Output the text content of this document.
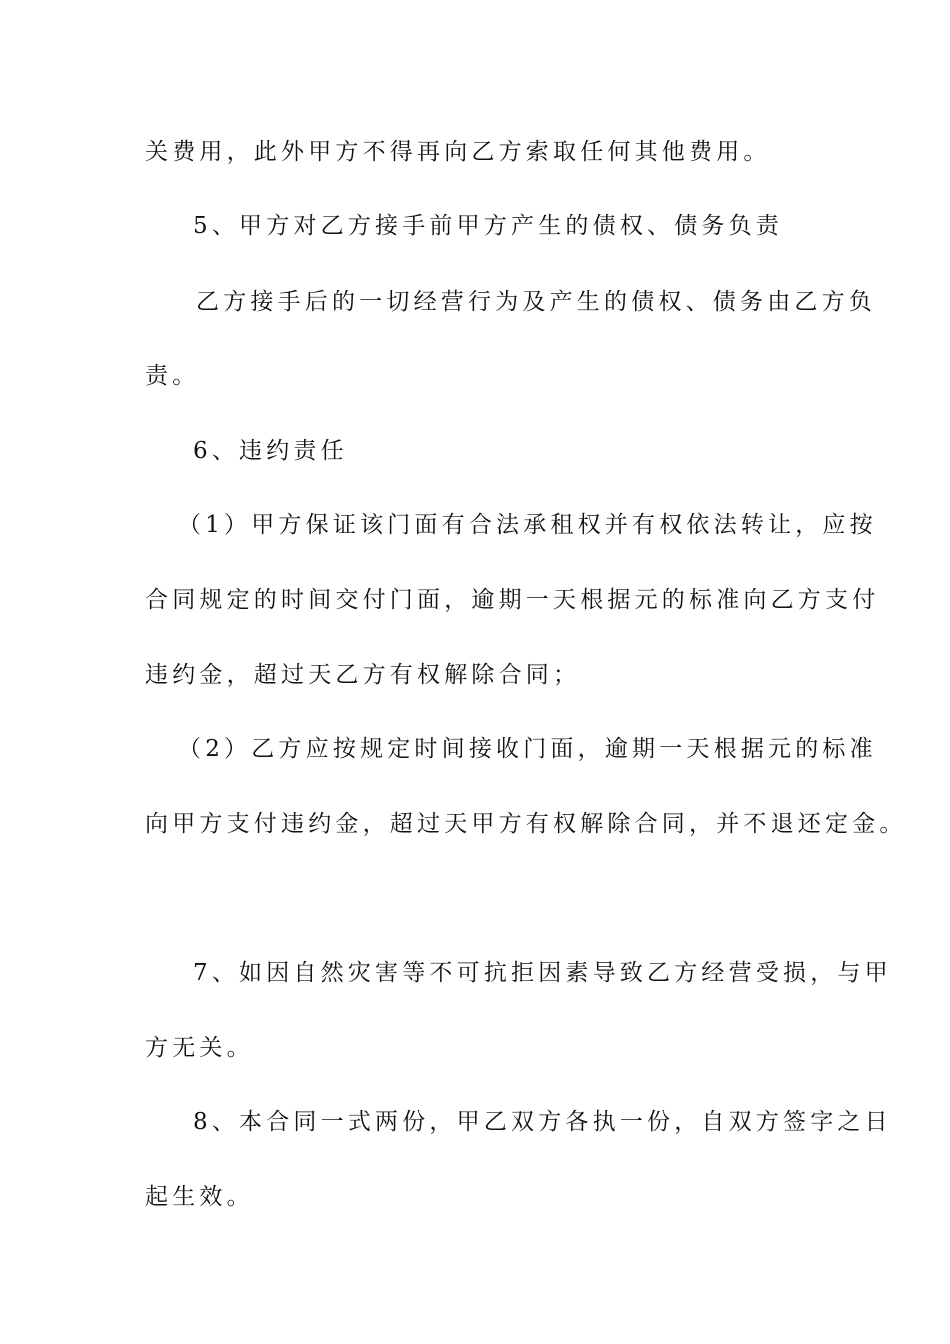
关费用，此外甲方不得再向乙方索取任何其他费用。
5、甲方对乙方接手前甲方产生的债权、债务负责
乙方接手后的一切经营行为及产生的债权、债务由乙方负
责。
6、违约责任
（1）甲方保证该门面有合法承租权并有权依法转让，应按
合同规定的时间交付门面，逾期一天根据元的标准向乙方支付
违约金，超过天乙方有权解除合同；
（2）乙方应按规定时间接收门面，逾期一天根据元的标准
向甲方支付违约金，超过天甲方有权解除合同，并不退还定金。
7、如因自然灾害等不可抗拒因素导致乙方经营受损，与甲
方无关。
8、本合同一式两份，甲乙双方各执一份，自双方签字之日
起生效。
